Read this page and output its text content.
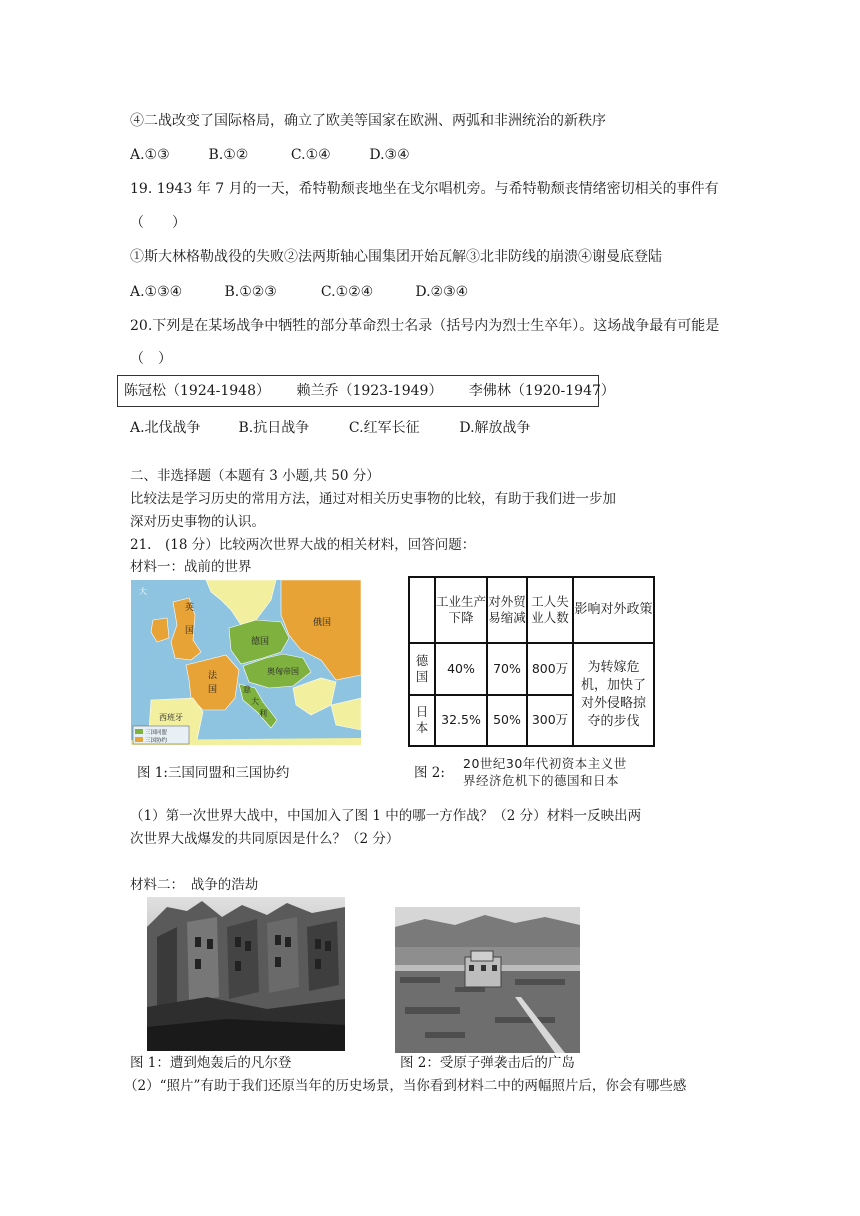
④二战改变了国际格局，确立了欧美等国家在欧洲、两弧和非洲统治的新秩序
A.①③	B.①②	C.①④	D.③④
19. 1943 年 7 月的一天，希特勒颓丧地坐在戈尔唱机旁。与希特勒颓丧情绪密切相关的事件有
（　　）
①斯大林格勒战役的失败②法两斯轴心围集团开始瓦解③北非防线的崩溃④谢曼底登陆
A.①③④	B.①②③	C.①②④	D.②③④
20.下列是在某场战争中牺牲的部分革命烈士名录（括号内为烈士生卒年）。这场战争最有可能是
（　）
陈冠松（1924-1948） 赖兰乔（1923-1949） 李佛林（1920-1947）
A.北伐战争	B.抗日战争	C.红军长征	D.解放战争
二、非选择题（本题有 3 小题,共 50 分）
比较法是学习历史的常用方法，通过对相关历史事物的比较，有助于我们进一步加
深对历史事物的认识。
21.　(18 分）比较两次世界大战的相关材料，回答问题：
材料一：战前的世界
大
英
国
法
国
德国
俄国
奥匈帝国
西班牙
意
大
利
三国同盟
三国协约
	工业生产下降	对外贸易缩减	工人失业人数	影响对外政策
德国	40%	70%	800万	为转嫁危机，加快了对外侵略掠夺的步伐
日本	32.5%	50%	300万	
图 1:三国同盟和三国协约	图 2:
20世纪30年代初资本主义世
界经济危机下的德国和日本
（1）第一次世界大战中，中国加入了图 1 中的哪一方作战？（2 分）材料一反映出两
次世界大战爆发的共同原因是什么？（2 分）
材料二：　战争的浩劫
图 1：遭到炮轰后的凡尔登	图 2：受原子弹袭击后的广岛
（2）“照片”有助于我们还原当年的历史场景，当你看到材料二中的两幅照片后，你会有哪些感
